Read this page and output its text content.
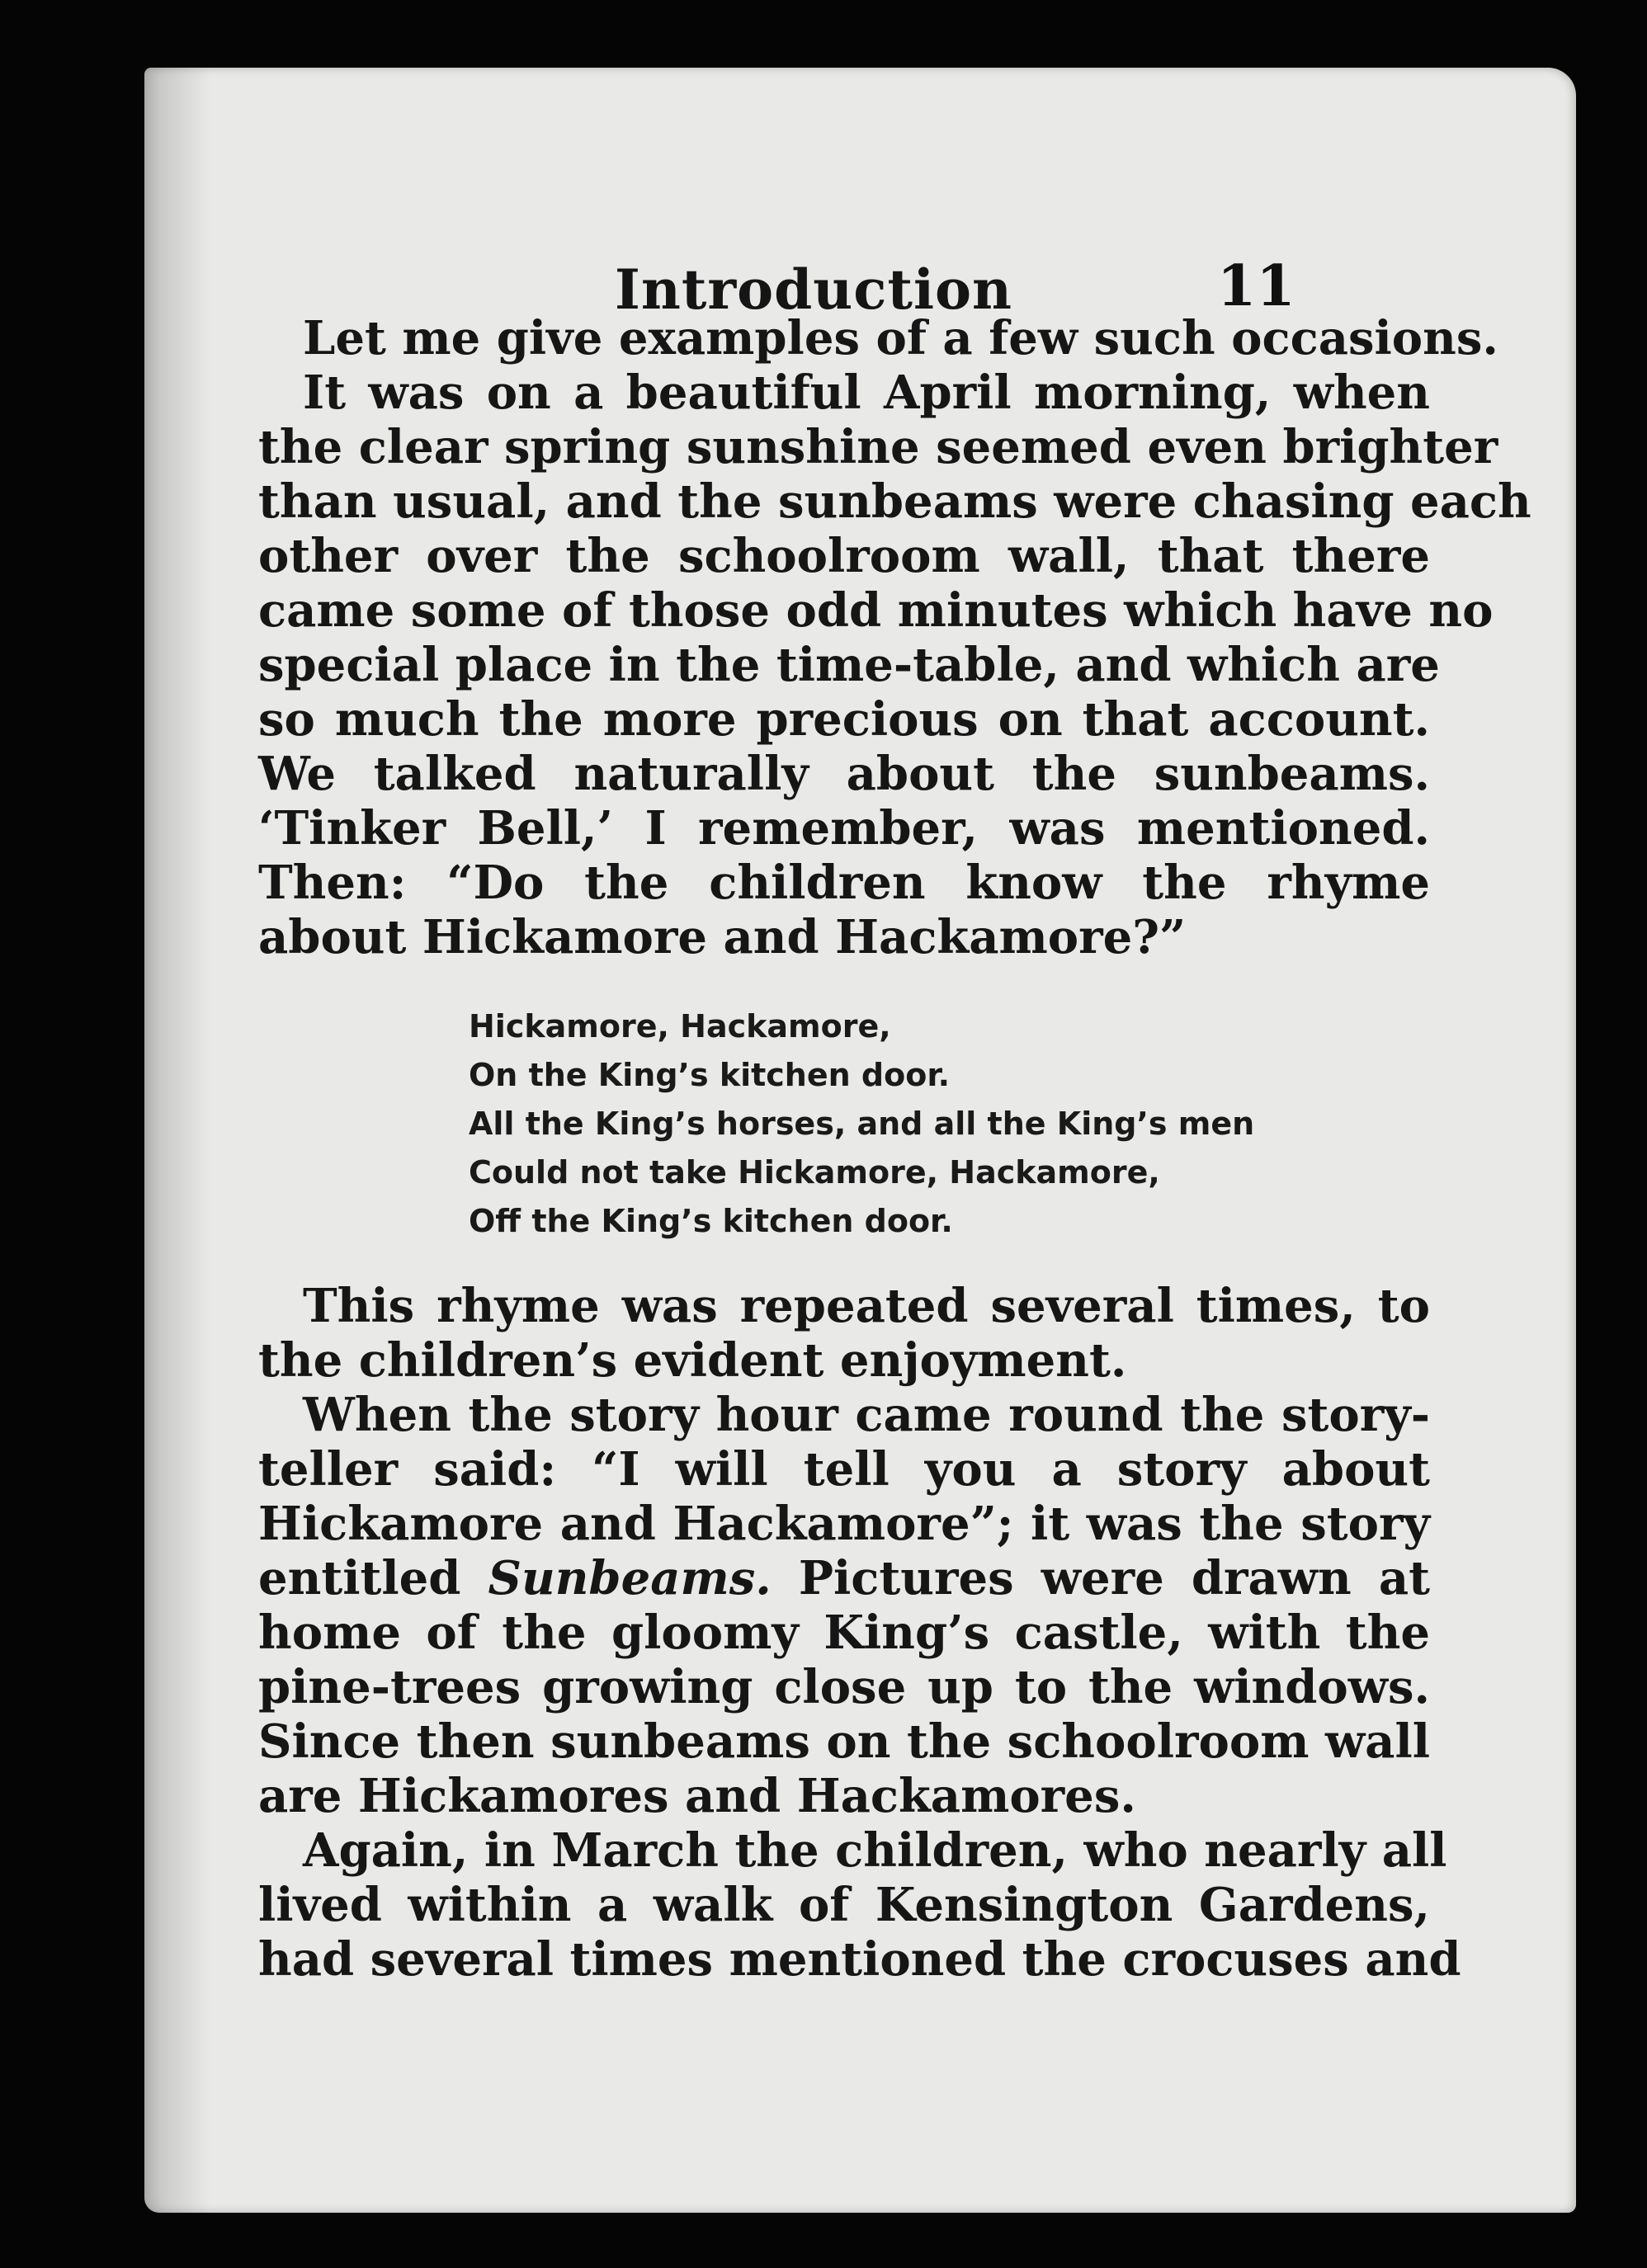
Introduction	11
Let me give examples of a few such occasions.
It was on a beautiful April morning, when
the clear spring sunshine seemed even brighter
than usual, and the sunbeams were chasing each
other over the schoolroom wall, that there
came some of those odd minutes which have no
special place in the time-table, and which are
so much the more precious on that account.
We talked naturally about the sunbeams.
‘Tinker Bell,’ I remember, was mentioned.
Then: “Do the children know the rhyme
about Hickamore and Hackamore?”
Hickamore, Hackamore,
On the King’s kitchen door.
All the King’s horses, and all the King’s men
Could not take Hickamore, Hackamore,
Off the King’s kitchen door.
This rhyme was repeated several times, to
the children’s evident enjoyment.
When the story hour came round the story-
teller said: “I will tell you a story about
Hickamore and Hackamore”; it was the story
entitled Sunbeams. Pictures were drawn at
home of the gloomy King’s castle, with the
pine-trees growing close up to the windows.
Since then sunbeams on the schoolroom wall
are Hickamores and Hackamores.
Again, in March the children, who nearly all
lived within a walk of Kensington Gardens,
had several times mentioned the crocuses and
